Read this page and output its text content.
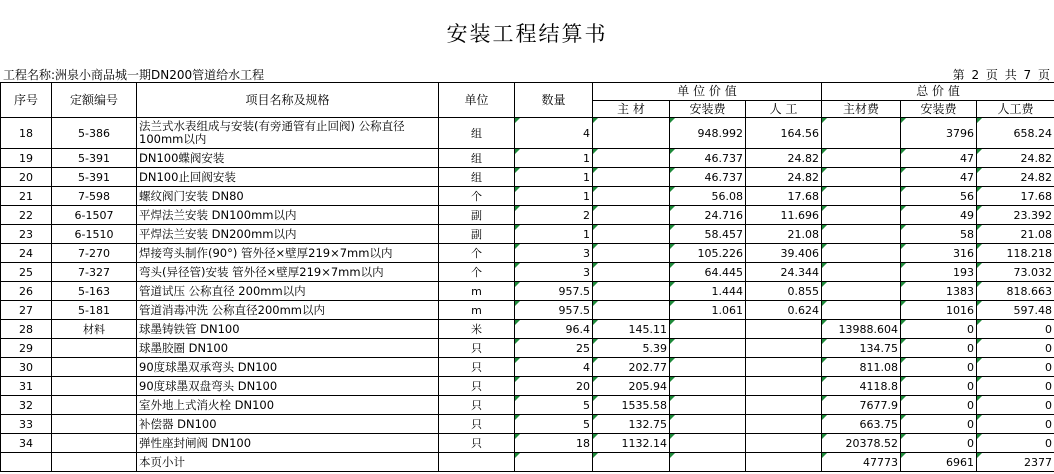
安装工程结算书
工程名称:洲泉小商品城一期DN200管道给水工程	第 2 页 共 7 页
序号	定额编号	项目名称及规格	单位	数量	单 位 价 值			总 价 值		
					主 材	安装费	人 工	主材费	安装费	人工费
18	5-386	法兰式水表组成与安装(有旁通管有止回阀) 公称直径100mm以内	组	4		948.992	164.56		3796	658.24
19	5-391	DN100蝶阀安装	组	1		46.737	24.82		47	24.82
20	5-391	DN100止回阀安装	组	1		46.737	24.82		47	24.82
21	7-598	螺纹阀门安装 DN80	个	1		56.08	17.68		56	17.68
22	6-1507	平焊法兰安装 DN100mm以内	副	2		24.716	11.696		49	23.392
23	6-1510	平焊法兰安装 DN200mm以内	副	1		58.457	21.08		58	21.08
24	7-270	焊接弯头制作(90°) 管外径×壁厚219×7mm以内	个	3		105.226	39.406		316	118.218
25	7-327	弯头(异径管)安装 管外径×壁厚219×7mm以内	个	3		64.445	24.344		193	73.032
26	5-163	管道试压 公称直径 200mm以内	m	957.5		1.444	0.855		1383	818.663
27	5-181	管道消毒冲洗 公称直径200mm以内	m	957.5		1.061	0.624		1016	597.48
28	材料	球墨铸铁管 DN100	米	96.4	145.11			13988.604	0	0
29		球墨胶圈 DN100	只	25	5.39			134.75	0	0
30		90度球墨双承弯头 DN100	只	4	202.77			811.08	0	0
31		90度球墨双盘弯头 DN100	只	20	205.94			4118.8	0	0
32		室外地上式消火栓 DN100	只	5	1535.58			7677.9	0	0
33		补偿器 DN100	只	5	132.75			663.75	0	0
34		弹性座封闸阀 DN100	只	18	1132.14			20378.52	0	0
		本页小计						47773	6961	2377
